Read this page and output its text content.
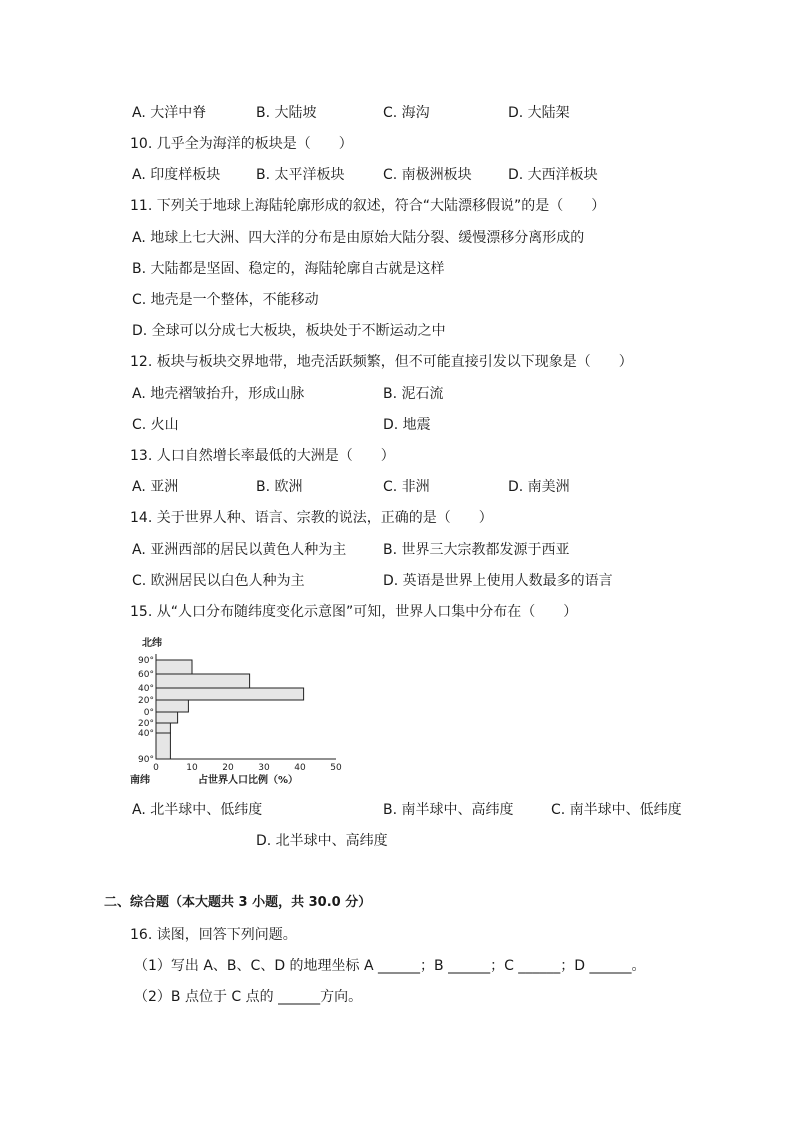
A. 大洋中脊	B. 大陆坡	C. 海沟	D. 大陆架
10. 几乎全为海洋的板块是（　　）
A. 印度样板块	B. 太平洋板块	C. 南极洲板块	D. 大西洋板块
11. 下列关于地球上海陆轮廓形成的叙述，符合“大陆漂移假说”的是（　　）
A. 地球上七大洲、四大洋的分布是由原始大陆分裂、缓慢漂移分离形成的
B. 大陆都是坚固、稳定的，海陆轮廓自古就是这样
C. 地壳是一个整体，不能移动
D. 全球可以分成七大板块，板块处于不断运动之中
12. 板块与板块交界地带，地壳活跃频繁，但不可能直接引发以下现象是（　　）
A. 地壳褶皱抬升，形成山脉	B. 泥石流
C. 火山	D. 地震
13. 人口自然增长率最低的大洲是（　　）
A. 亚洲	B. 欧洲	C. 非洲	D. 南美洲
14. 关于世界人种、语言、宗教的说法，正确的是（　　）
A. 亚洲西部的居民以黄色人种为主	B. 世界三大宗教都发源于西亚
C. 欧洲居民以白色人种为主	D. 英语是世界上使用人数最多的语言
15. 从“人口分布随纬度变化示意图”可知，世界人口集中分布在（　　）
北纬
90°
60°
40°
20°
0°
20°
40°
90°
0	10	20	30	40	50
南纬	占世界人口比例（%）
A. 北半球中、低纬度	B. 南半球中、高纬度	C. 南半球中、低纬度
D. 北半球中、高纬度
二、综合题（本大题共 3 小题，共 30.0 分）
16. 读图，回答下列问题。
（1）写出 A、B、C、D 的地理坐标 A ______；B ______；C ______；D ______。
（2）B 点位于 C 点的 ______方向。
